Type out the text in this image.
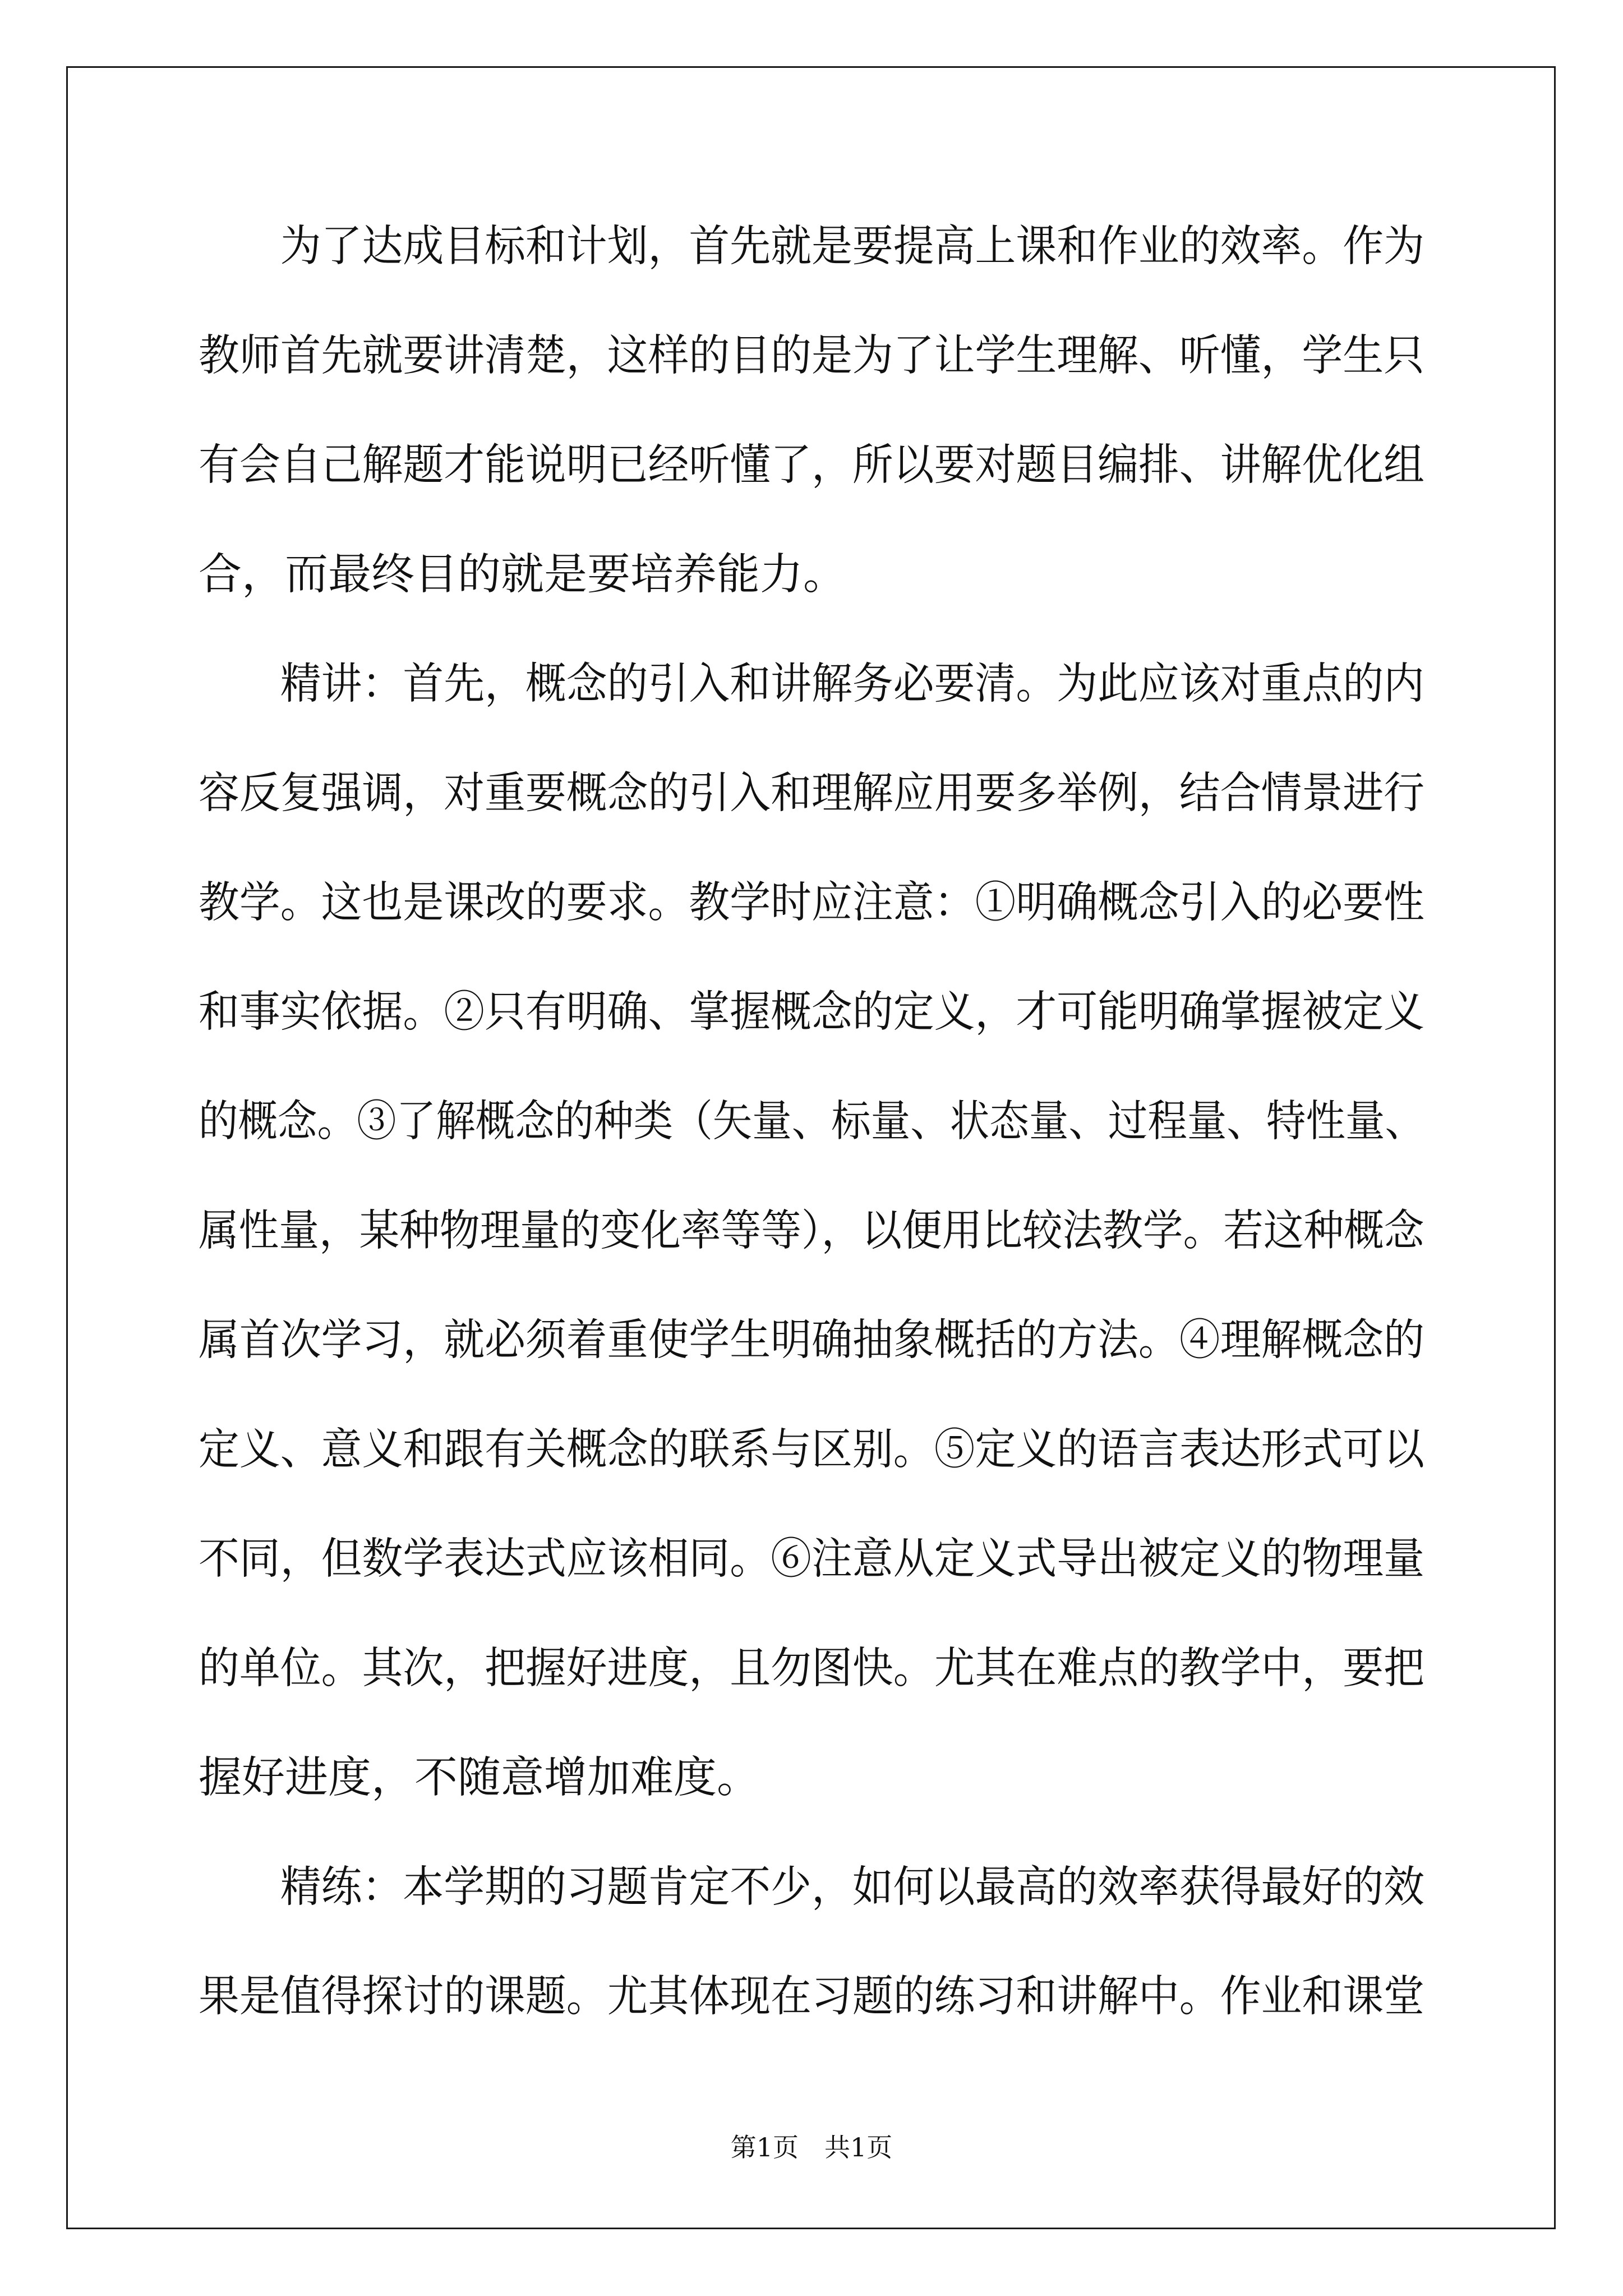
　　为了达成目标和计划，首先就是要提高上课和作业的效率。作为
教师首先就要讲清楚，这样的目的是为了让学生理解、听懂，学生只
有会自己解题才能说明已经听懂了，所以要对题目编排、讲解优化组
合，而最终目的就是要培养能力。
　　精讲：首先，概念的引入和讲解务必要清。为此应该对重点的内
容反复强调，对重要概念的引入和理解应用要多举例，结合情景进行
教学。这也是课改的要求。教学时应注意：①明确概念引入的必要性
和事实依据。②只有明确、掌握概念的定义，才可能明确掌握被定义
的概念。③了解概念的种类（矢量、标量、状态量、过程量、特性量、
属性量，某种物理量的变化率等等），以便用比较法教学。若这种概念
属首次学习，就必须着重使学生明确抽象概括的方法。④理解概念的
定义、意义和跟有关概念的联系与区别。⑤定义的语言表达形式可以
不同，但数学表达式应该相同。⑥注意从定义式导出被定义的物理量
的单位。其次，把握好进度，且勿图快。尤其在难点的教学中，要把
握好进度，不随意增加难度。
　　精练：本学期的习题肯定不少，如何以最高的效率获得最好的效
果是值得探讨的课题。尤其体现在习题的练习和讲解中。作业和课堂
第1页　共1页
